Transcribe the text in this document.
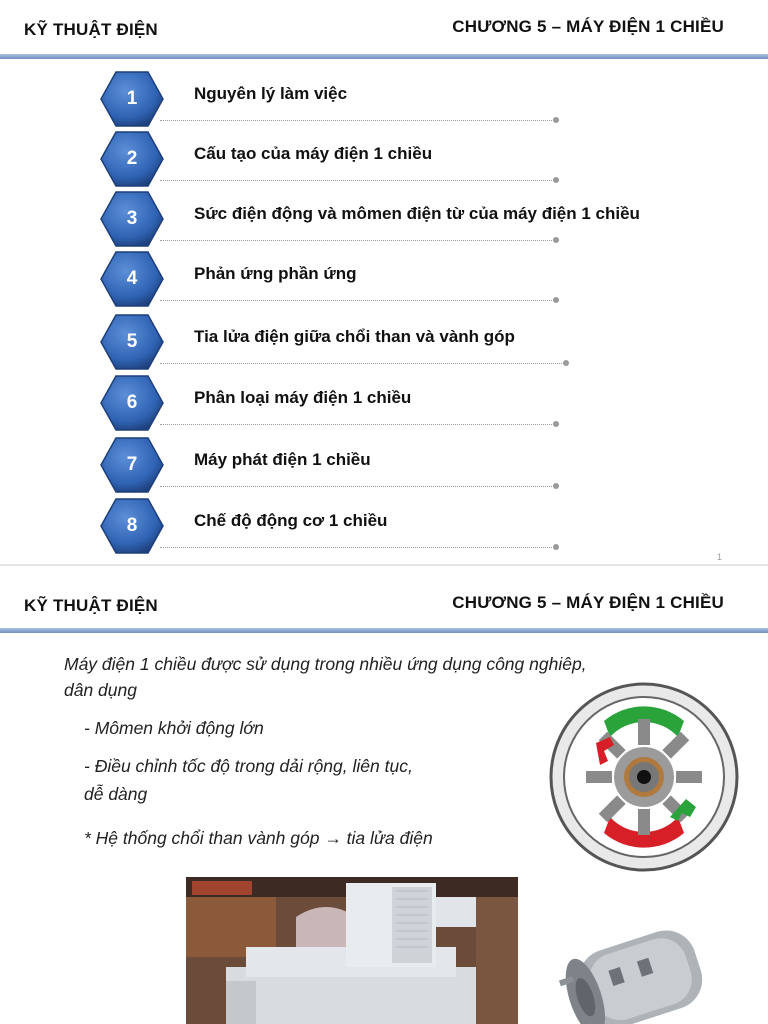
KỸ THUẬT ĐIỆN	CHƯƠNG 5 – MÁY ĐIỆN 1 CHIỀU
1	Nguyên lý làm việc
2	Cấu tạo của máy điện 1 chiều
3	Sức điện động và mômen điện từ của máy điện 1 chiều
4	Phản ứng phần ứng
5	Tia lửa điện giữa chổi than và vành góp
6	Phân loại máy điện 1 chiều
7	Máy phát điện 1 chiều
8	Chế độ động cơ 1 chiều
1
KỸ THUẬT ĐIỆN	CHƯƠNG 5 – MÁY ĐIỆN 1 CHIỀU
Máy điện 1 chiều được sử dụng trong nhiều ứng dụng công nghiêp,
dân dụng
- Mômen khởi động lớn
- Điều chỉnh tốc độ trong dải rộng, liên tục,
dễ dàng
* Hệ thống chổi than vành góp → tia lửa điện
